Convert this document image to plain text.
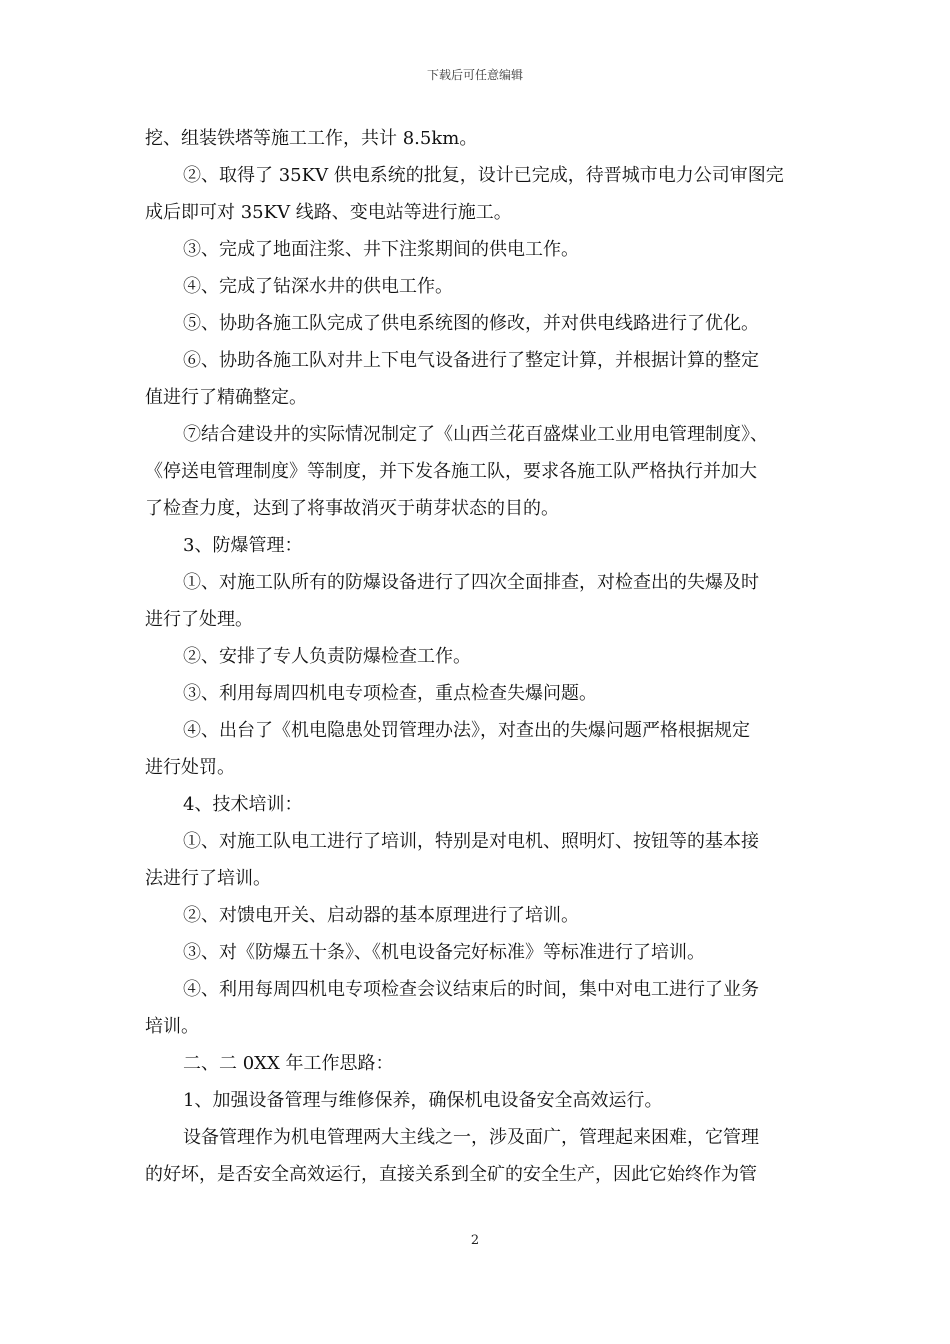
下载后可任意编辑
挖、组装铁塔等施工工作，共计 8.5km。
②、取得了 35KV 供电系统的批复，设计已完成，待晋城市电力公司审图完
成后即可对 35KV 线路、变电站等进行施工。
③、完成了地面注浆、井下注浆期间的供电工作。
④、完成了钻深水井的供电工作。
⑤、协助各施工队完成了供电系统图的修改，并对供电线路进行了优化。
⑥、协助各施工队对井上下电气设备进行了整定计算，并根据计算的整定
值进行了精确整定。
⑦结合建设井的实际情况制定了《山西兰花百盛煤业工业用电管理制度》、
《停送电管理制度》等制度，并下发各施工队，要求各施工队严格执行并加大
了检查力度，达到了将事故消灭于萌芽状态的目的。
3、防爆管理：
①、对施工队所有的防爆设备进行了四次全面排查，对检查出的失爆及时
进行了处理。
②、安排了专人负责防爆检查工作。
③、利用每周四机电专项检查，重点检查失爆问题。
④、出台了《机电隐患处罚管理办法》，对查出的失爆问题严格根据规定
进行处罚。
4、技术培训：
①、对施工队电工进行了培训，特别是对电机、照明灯、按钮等的基本接
法进行了培训。
②、对馈电开关、启动器的基本原理进行了培训。
③、对《防爆五十条》、《机电设备完好标准》等标准进行了培训。
④、利用每周四机电专项检查会议结束后的时间，集中对电工进行了业务
培训。
二、二 0XX 年工作思路：
1、加强设备管理与维修保养，确保机电设备安全高效运行。
设备管理作为机电管理两大主线之一，涉及面广，管理起来困难，它管理
的好坏，是否安全高效运行，直接关系到全矿的安全生产，因此它始终作为管
2
